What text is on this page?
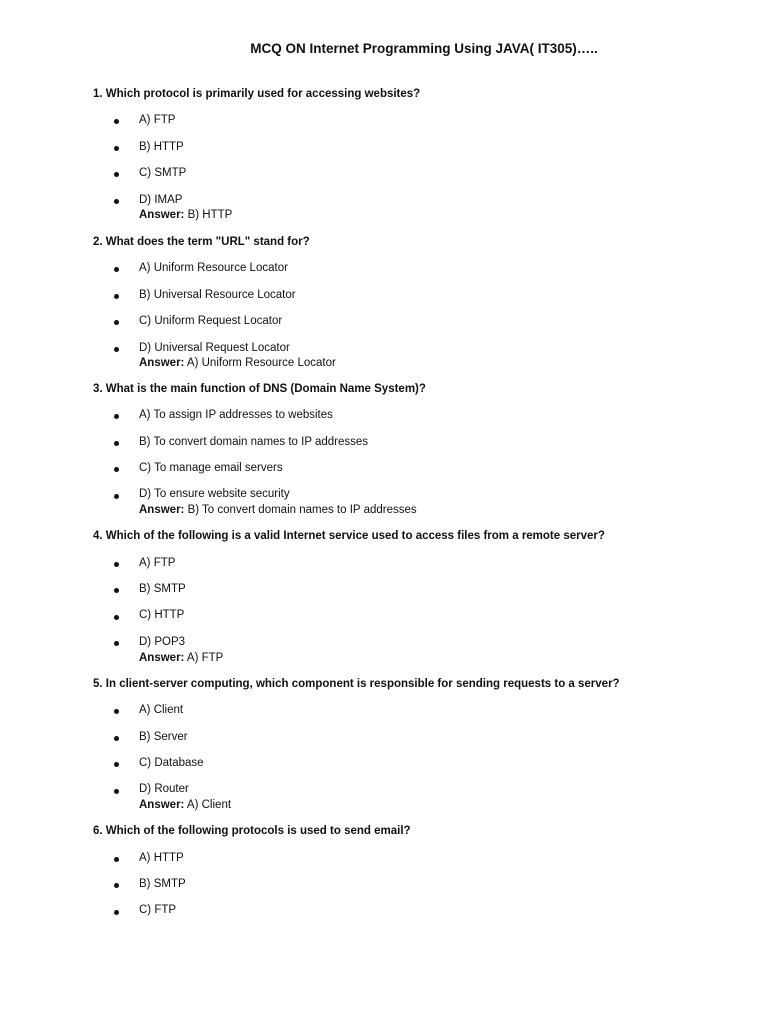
MCQ ON Internet Programming Using JAVA( IT305)…..
1. Which protocol is primarily used for accessing websites?
A) FTP
B) HTTP
C) SMTP
D) IMAP
Answer: B) HTTP
2. What does the term "URL" stand for?
A) Uniform Resource Locator
B) Universal Resource Locator
C) Uniform Request Locator
D) Universal Request Locator
Answer: A) Uniform Resource Locator
3. What is the main function of DNS (Domain Name System)?
A) To assign IP addresses to websites
B) To convert domain names to IP addresses
C) To manage email servers
D) To ensure website security
Answer: B) To convert domain names to IP addresses
4. Which of the following is a valid Internet service used to access files from a remote server?
A) FTP
B) SMTP
C) HTTP
D) POP3
Answer: A) FTP
5. In client-server computing, which component is responsible for sending requests to a server?
A) Client
B) Server
C) Database
D) Router
Answer: A) Client
6. Which of the following protocols is used to send email?
A) HTTP
B) SMTP
C) FTP
